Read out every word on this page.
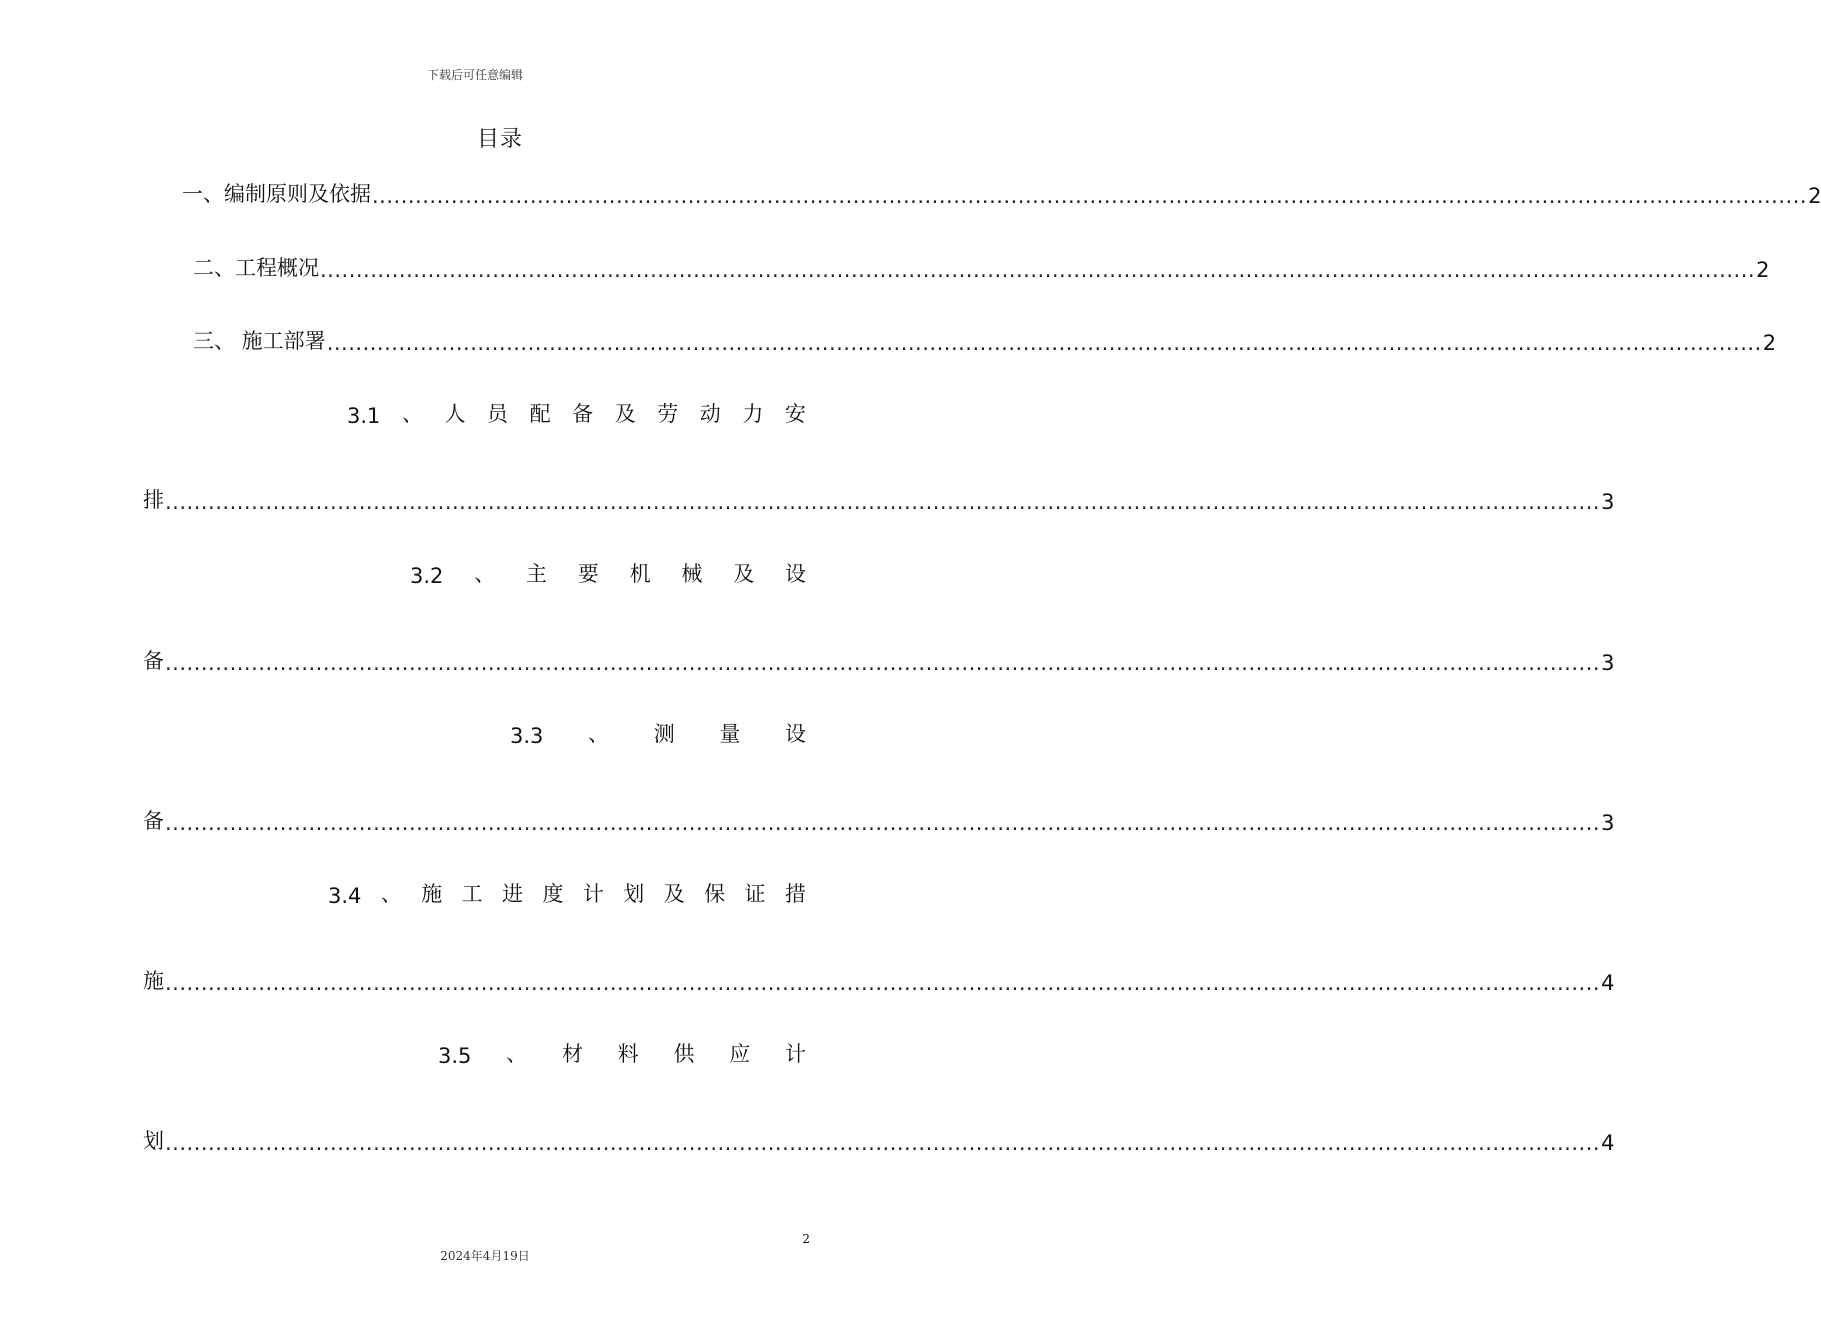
下载后可任意编辑
目录
一、编制原则及依据 ........................................................................................................................................................................................................ 2
二、工程概况 ........................................................................................................................................................................................................ 2
三、 施工部署 ........................................................................................................................................................................................................ 2
3.1 、 人 员 配 备 及 劳 动 力 安
排 ........................................................................................................................................................................................................ 3
3.2 、 主 要 机 械 及 设
备 ........................................................................................................................................................................................................ 3
3.3 、 测 量 设
备 ........................................................................................................................................................................................................ 3
3.4 、 施 工 进 度 计 划 及 保 证 措
施 ........................................................................................................................................................................................................ 4
3.5 、 材 料 供 应 计
划 ........................................................................................................................................................................................................ 4
2
2024年4月19日
